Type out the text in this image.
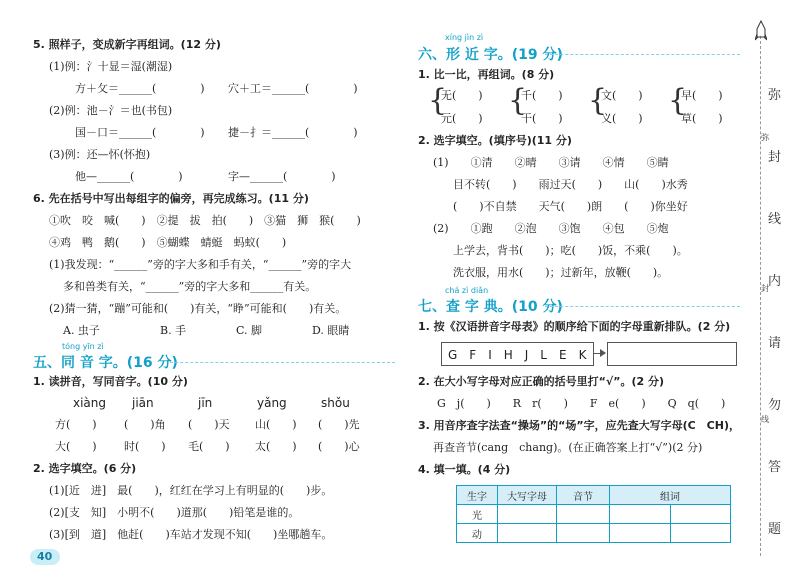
5. 照样子，变成新字再组词。(12 分)
(1)例：氵十显＝湿(潮湿)
方＋攵＝______(　　　　) 穴＋工＝______(　　　　)
(2)例：池－氵＝也(书包)
国－口＝______(　　　　) 捷－扌＝______(　　　　)
(3)例：还—怀(怀抱)
他—______(　　　　)	字—______(　　　　)
6. 先在括号中写出每组字的偏旁，再完成练习。(11 分)
①吹　咬　喊(　　)　②提　拔　拍(　　)　③猫　狮　猴(　　)
④鸡　鸭　鹅(　　)　⑤蝴蝶　蜻蜓　蚂蚁(　　)
(1)我发现：“______”旁的字大多和手有关，“______”旁的字大
多和兽类有关，“______”旁的字大多和______有关。
(2)猜一猜，“蹦”可能和(　　)有关，“睁”可能和(　　)有关。
A. 虫子	B. 手	C. 脚	D. 眼睛
tóng yīn zì
五、同 音 字。(16 分)
1. 读拼音，写同音字。(10 分)
xiàng jiān	jīn	yǎng	shǒu
方(　　) (　　)角 (　　)天 山(　　) (　　)先
大(　　) 时(　　) 毛(　　) 太(　　) (　　)心
2. 选字填空。(6 分)
(1)[近　进]　最(　　)，红红在学习上有明显的(　　)步。
(2)[支　知]　小明不(　　)道那(　　)铅笔是谁的。
(3)[到　道]　他赶(　　)车站才发现不知(　　)坐哪趟车。
40
xíng jìn zì
六、形 近 字。(19 分)
1. 比一比，再组词。(8 分)
{
无(　　)
元(　　)
{
千(　　)
干(　　)
{
文(　　)
义(　　)
{
早(　　)
草(　　)
2. 选字填空。(填序号)(11 分)
(1)　　①清　　②晴　　③请　　④情　　⑤睛
目不转(　　)　　雨过天(　　)　　山(　　)水秀
(　　)不自禁　　天气(　　)朗　　(　　)你坐好
(2)　　①跑　　②泡　　③饱　　④包　　⑤炮
上学去，背书(　　)；吃(　　)饭，不乘(　　)。
洗衣服，用水(　　)；过新年，放鞭(　　)。
chá zì diǎn
七、查 字 典。(10 分)
1. 按《汉语拼音字母表》的顺序给下面的字母重新排队。(2 分)
G　F　I　H　J　L　E　K
2. 在大小写字母对应正确的括号里打“√”。(2 分)
G　j(　　)　　R　r(　　)　　F　e(　　)　　Q　q(　　)
3. 用音序查字法查“操场”的“场”字，应先查大写字母(C　CH)，
再查音节(cang　chang)。(在正确答案上打“√”)(2 分)
4. 填一填。(4 分)
生字	大写字母	音节	组词	
光				
动				
弥
封
线
内
请
勿
答
题
弥
封
线
